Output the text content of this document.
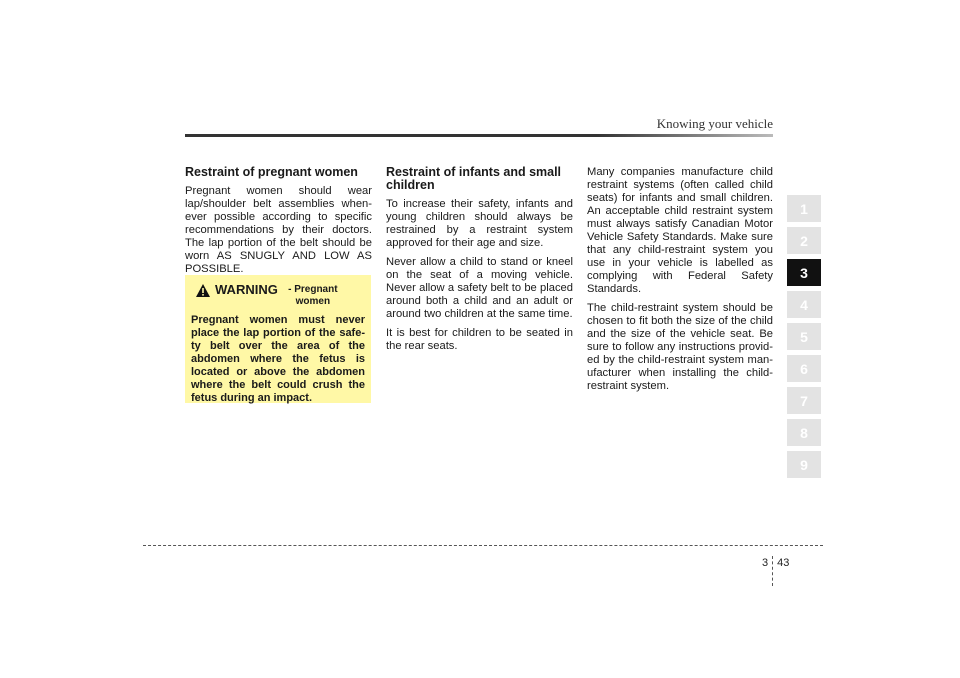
Knowing your vehicle
Restraint of pregnant women

Pregnant women should wear lap/shoulder belt assemblies when-ever possible according to specific recommendations by their doctors. The lap portion of the belt should be worn AS SNUGLY AND LOW AS POSSIBLE.

WARNING	- Pregnant women
Pregnant women must never place the lap portion of the safe-ty belt over the area of the abdomen where the fetus is located or above the abdomen where the belt could crush the fetus during an impact.
Restraint of infants and small children

To increase their safety, infants and young children should always be restrained by a restraint system approved for their age and size.

Never allow a child to stand or kneel on the seat of a moving vehicle. Never allow a safety belt to be placed around both a child and an adult or around two children at the same time.

It is best for children to be seated in the rear seats.

Many companies manufacture child restraint systems (often called child seats) for infants and small children. An acceptable child restraint system must always satisfy Canadian Motor Vehicle Safety Standards. Make sure that any child-restraint system you use in your vehicle is labelled as complying with Federal Safety Standards.

The child-restraint system should be chosen to fit both the size of the child and the size of the vehicle seat. Be sure to follow any instructions provid-ed by the child-restraint system man-ufacturer when installing the child-restraint system.

1
2
3
4
5
6
7
8
9
3 43
